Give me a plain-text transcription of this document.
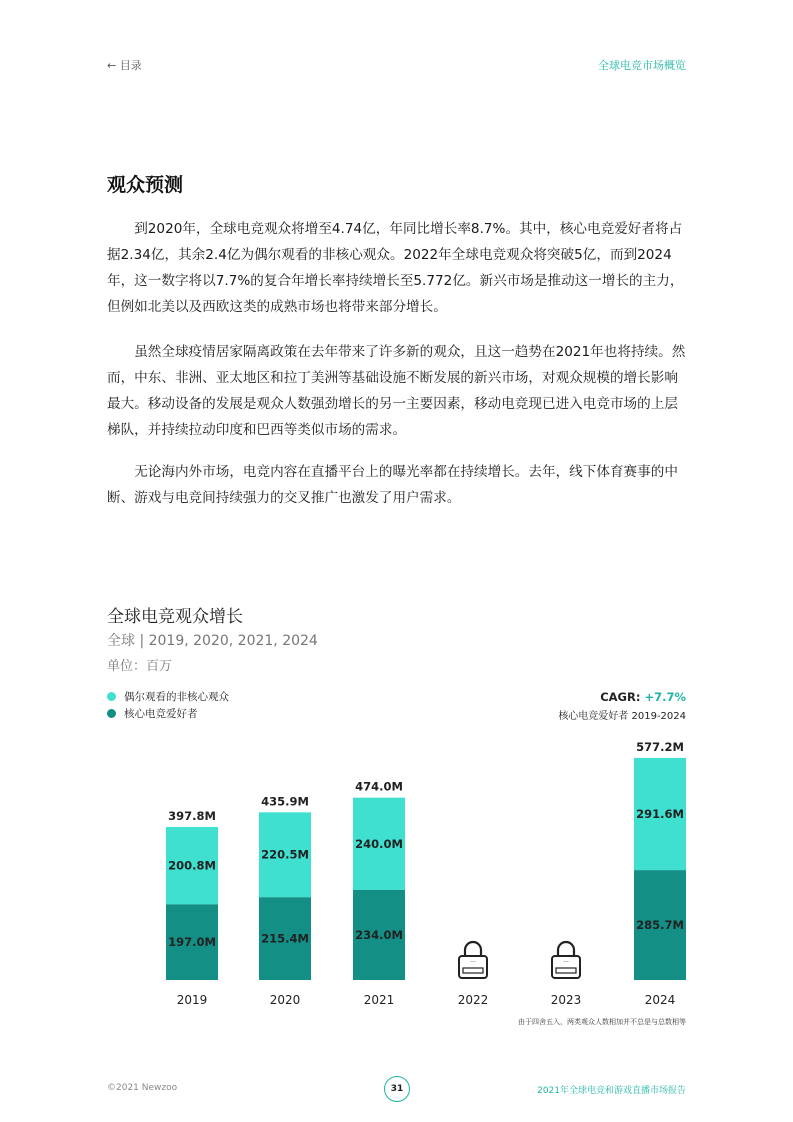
← 目录	全球电竞市场概览
观众预测

到2020年，全球电竞观众将增至4.74亿，年同比增长率8.7%。其中，核心电竞爱好者将占据2.34亿，其余2.4亿为偶尔观看的非核心观众。2022年全球电竞观众将突破5亿，而到2024年，这一数字将以7.7%的复合年增长率持续增长至5.772亿。新兴市场是推动这一增长的主力，但例如北美以及西欧这类的成熟市场也将带来部分增长。

虽然全球疫情居家隔离政策在去年带来了许多新的观众，且这一趋势在2021年也将持续。然而，中东、非洲、亚太地区和拉丁美洲等基础设施不断发展的新兴市场，对观众规模的增长影响最大。移动设备的发展是观众人数强劲增长的另一主要因素，移动电竞现已进入电竞市场的上层梯队，并持续拉动印度和巴西等类似市场的需求。

无论海内外市场，电竞内容在直播平台上的曝光率都在持续增长。去年，线下体育赛事的中断、游戏与电竞间持续强力的交叉推广也激发了用户需求。

全球电竞观众增长
全球 | 2019, 2020, 2021, 2024
单位：百万
偶尔观看的非核心观众
核心电竞爱好者
CAGR: +7.7%
核心电竞爱好者 2019-2024
2019
197.0M
200.8M
397.8M
2020
215.4M
220.5M
435.9M
2021
234.0M
240.0M
474.0M
2022
···
2023
···
2024
285.7M
291.6M
577.2M
由于四舍五入，两类观众人数相加并不总是与总数相等
©2021 Newzoo	31	2021年全球电竞和游戏直播市场报告
